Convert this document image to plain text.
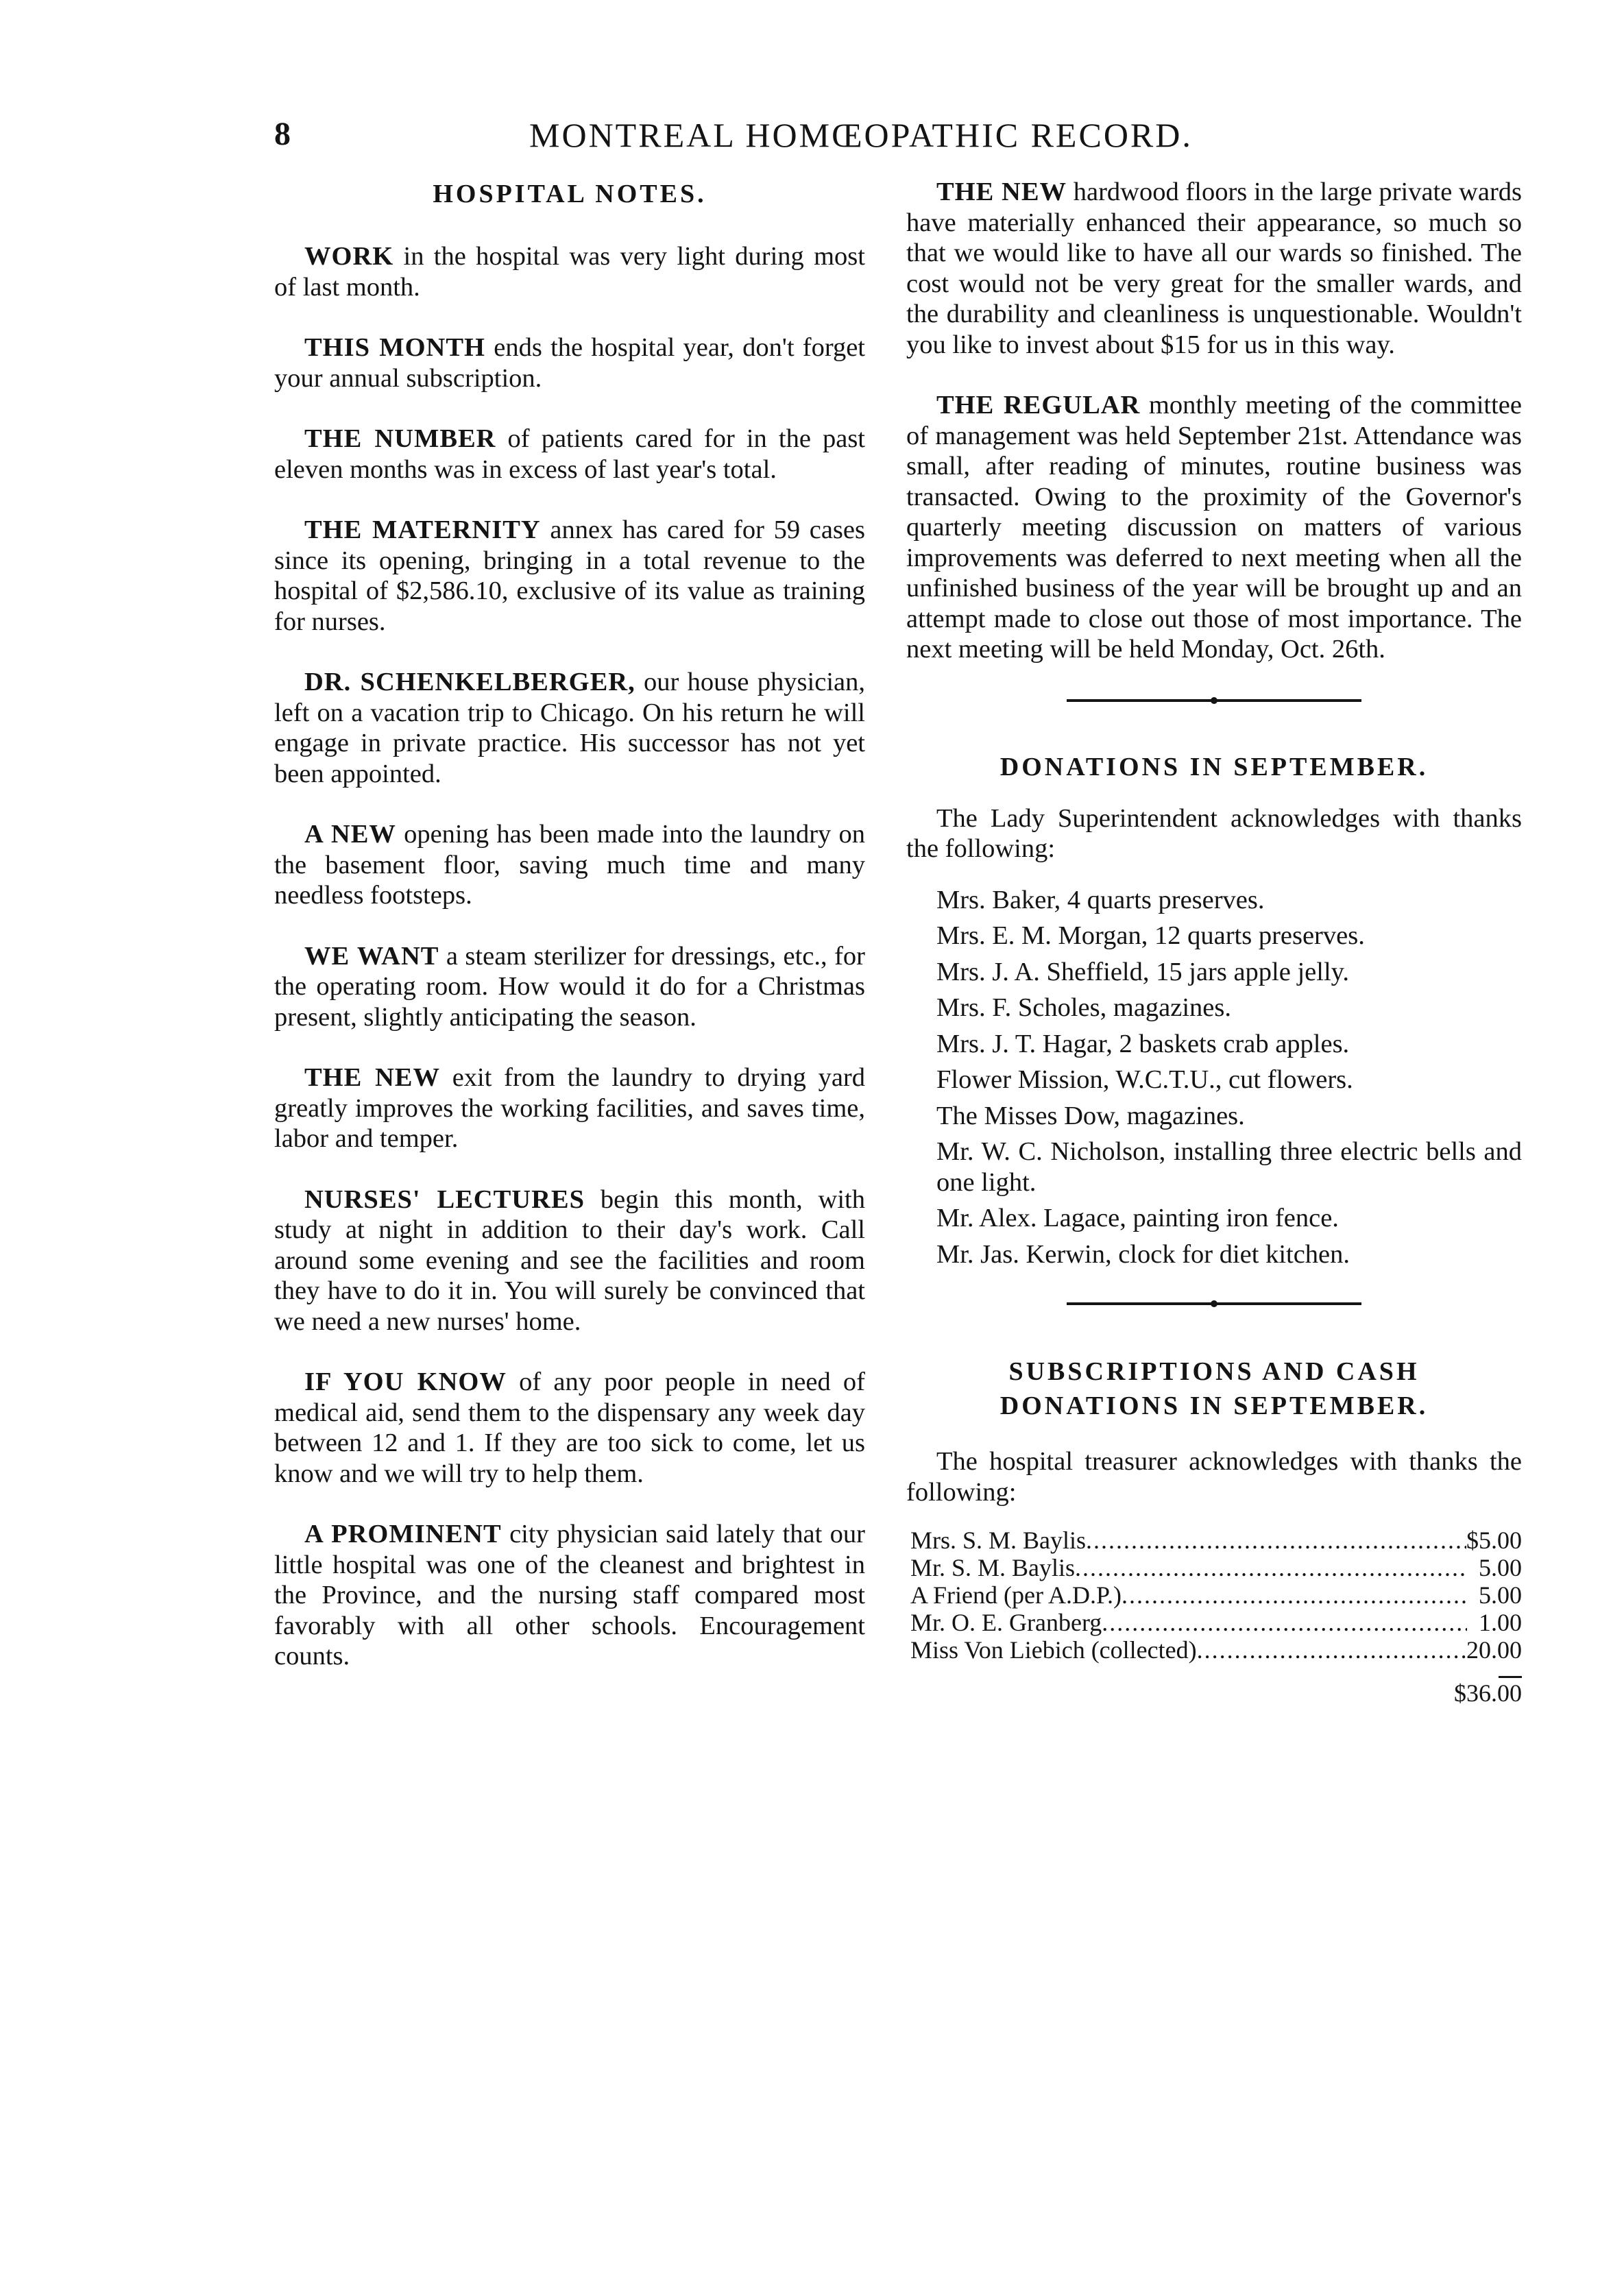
8	MONTREAL HOMŒOPATHIC RECORD.
HOSPITAL NOTES.

WORK in the hospital was very light during most of last month.

THIS MONTH ends the hospital year, don't forget your annual subscription.

THE NUMBER of patients cared for in the past eleven months was in excess of last year's total.

THE MATERNITY annex has cared for 59 cases since its opening, bringing in a total revenue to the hospital of $2,586.10, exclusive of its value as training for nurses.

DR. SCHENKELBERGER, our house physician, left on a vacation trip to Chicago. On his return he will engage in private practice. His successor has not yet been appointed.

A NEW opening has been made into the laundry on the basement floor, saving much time and many needless footsteps.

WE WANT a steam sterilizer for dressings, etc., for the operating room. How would it do for a Christmas present, slightly anticipating the season.

THE NEW exit from the laundry to drying yard greatly improves the working facilities, and saves time, labor and temper.

NURSES' LECTURES begin this month, with study at night in addition to their day's work. Call around some evening and see the facilities and room they have to do it in. You will surely be convinced that we need a new nurses' home.

IF YOU KNOW of any poor people in need of medical aid, send them to the dispensary any week day between 12 and 1. If they are too sick to come, let us know and we will try to help them.

A PROMINENT city physician said lately that our little hospital was one of the cleanest and brightest in the Province, and the nursing staff compared most favorably with all other schools. Encouragement counts.

THE NEW hardwood floors in the large private wards have materially enhanced their appearance, so much so that we would like to have all our wards so finished. The cost would not be very great for the smaller wards, and the durability and cleanliness is unquestionable. Wouldn't you like to invest about $15 for us in this way.

THE REGULAR monthly meeting of the committee of management was held September 21st. Attendance was small, after reading of minutes, routine business was transacted. Owing to the proximity of the Governor's quarterly meeting discussion on matters of various improvements was deferred to next meeting when all the unfinished business of the year will be brought up and an attempt made to close out those of most importance. The next meeting will be held Monday, Oct. 26th.

DONATIONS IN SEPTEMBER.

The Lady Superintendent acknowledges with thanks the following:

Mrs. Baker, 4 quarts preserves.

Mrs. E. M. Morgan, 12 quarts preserves.

Mrs. J. A. Sheffield, 15 jars apple jelly.

Mrs. F. Scholes, magazines.

Mrs. J. T. Hagar, 2 baskets crab apples.

Flower Mission, W.C.T.U., cut flowers.

The Misses Dow, magazines.

Mr. W. C. Nicholson, installing three electric bells and one light.

Mr. Alex. Lagace, painting iron fence.

Mr. Jas. Kerwin, clock for diet kitchen.

SUBSCRIPTIONS AND CASH DONATIONS IN SEPTEMBER.

The hospital treasurer acknowledges with thanks the following:

Mrs. S. M. Baylis .....	$5.00
Mr. S. M. Baylis .....	5.00
A Friend (per A.D.P.) .....	5.00
Mr. O. E. Granberg .....	1.00
Miss Von Liebich (collected) .....	20.00
$36.00
